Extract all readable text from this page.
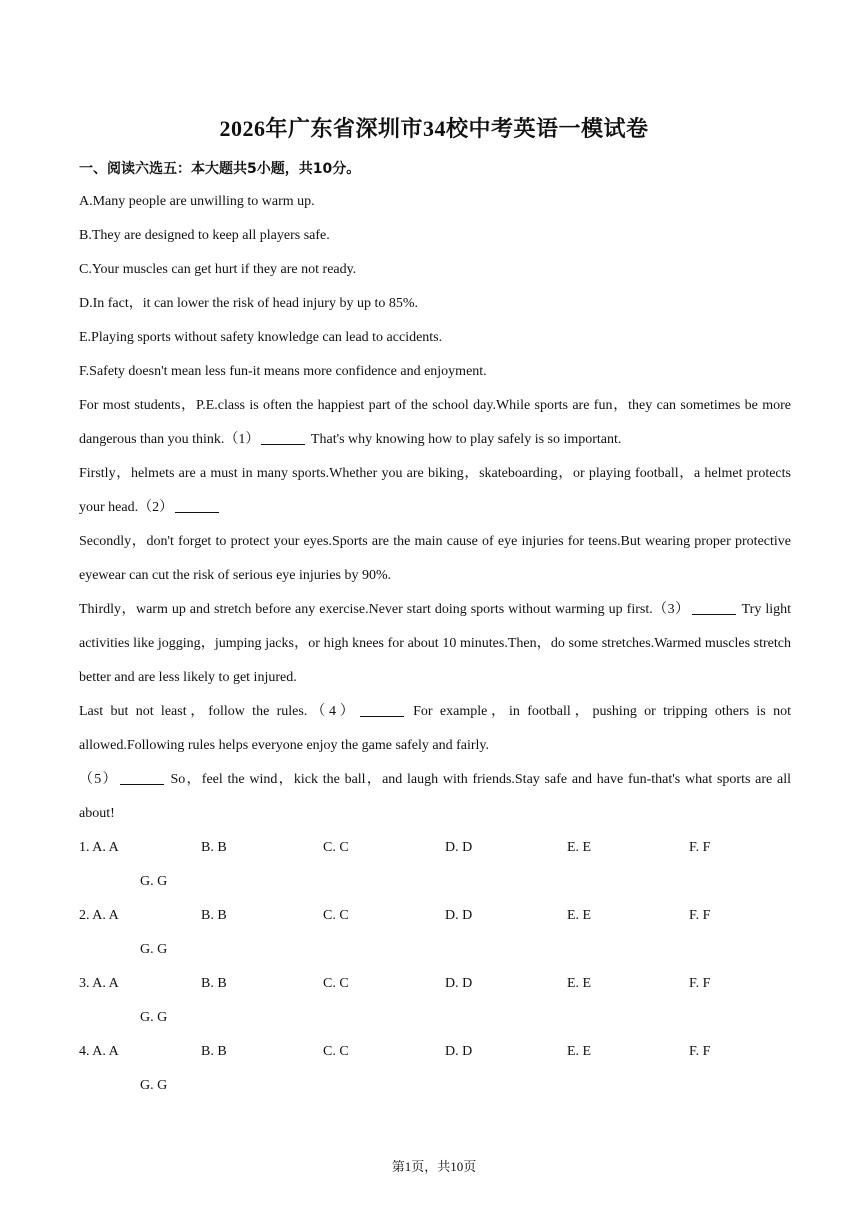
2026年广东省深圳市34校中考英语一模试卷
一、阅读六选五：本大题共5小题，共10分。
A.Many people are unwilling to warm up.
B.They are designed to keep all players safe.
C.Your muscles can get hurt if they are not ready.
D.In fact，it can lower the risk of head injury by up to 85%.
E.Playing sports without safety knowledge can lead to accidents.
F.Safety doesn't mean less fun-it means more confidence and enjoyment.
For most students，P.E.class is often the happiest part of the school day.While sports are fun，they can sometimes be more dangerous than you think.（1）	That's why knowing how to play safely is so important.
Firstly，helmets are a must in many sports.Whether you are biking，skateboarding，or playing football，a helmet protects your head.（2）
Secondly，don't forget to protect your eyes.Sports are the main cause of eye injuries for teens.But wearing proper protective eyewear can cut the risk of serious eye injuries by 90%.
Thirdly，warm up and stretch before any exercise.Never start doing sports without warming up first.（3）	Try light activities like jogging，jumping jacks，or high knees for about 10 minutes.Then，do some stretches.Warmed muscles stretch better and are less likely to get injured.
Last but not least，follow the rules.（4）	For example，in football，pushing or tripping others is not allowed.Following rules helps everyone enjoy the game safely and fairly.
（5）	So，feel the wind，kick the ball，and laugh with friends.Stay safe and have fun-that's what sports are all about!
1. A. A	B. B	C. C	D. D	E. E	F. F
G. G
2. A. A	B. B	C. C	D. D	E. E	F. F
G. G
3. A. A	B. B	C. C	D. D	E. E	F. F
G. G
4. A. A	B. B	C. C	D. D	E. E	F. F
G. G
第1页，共10页
